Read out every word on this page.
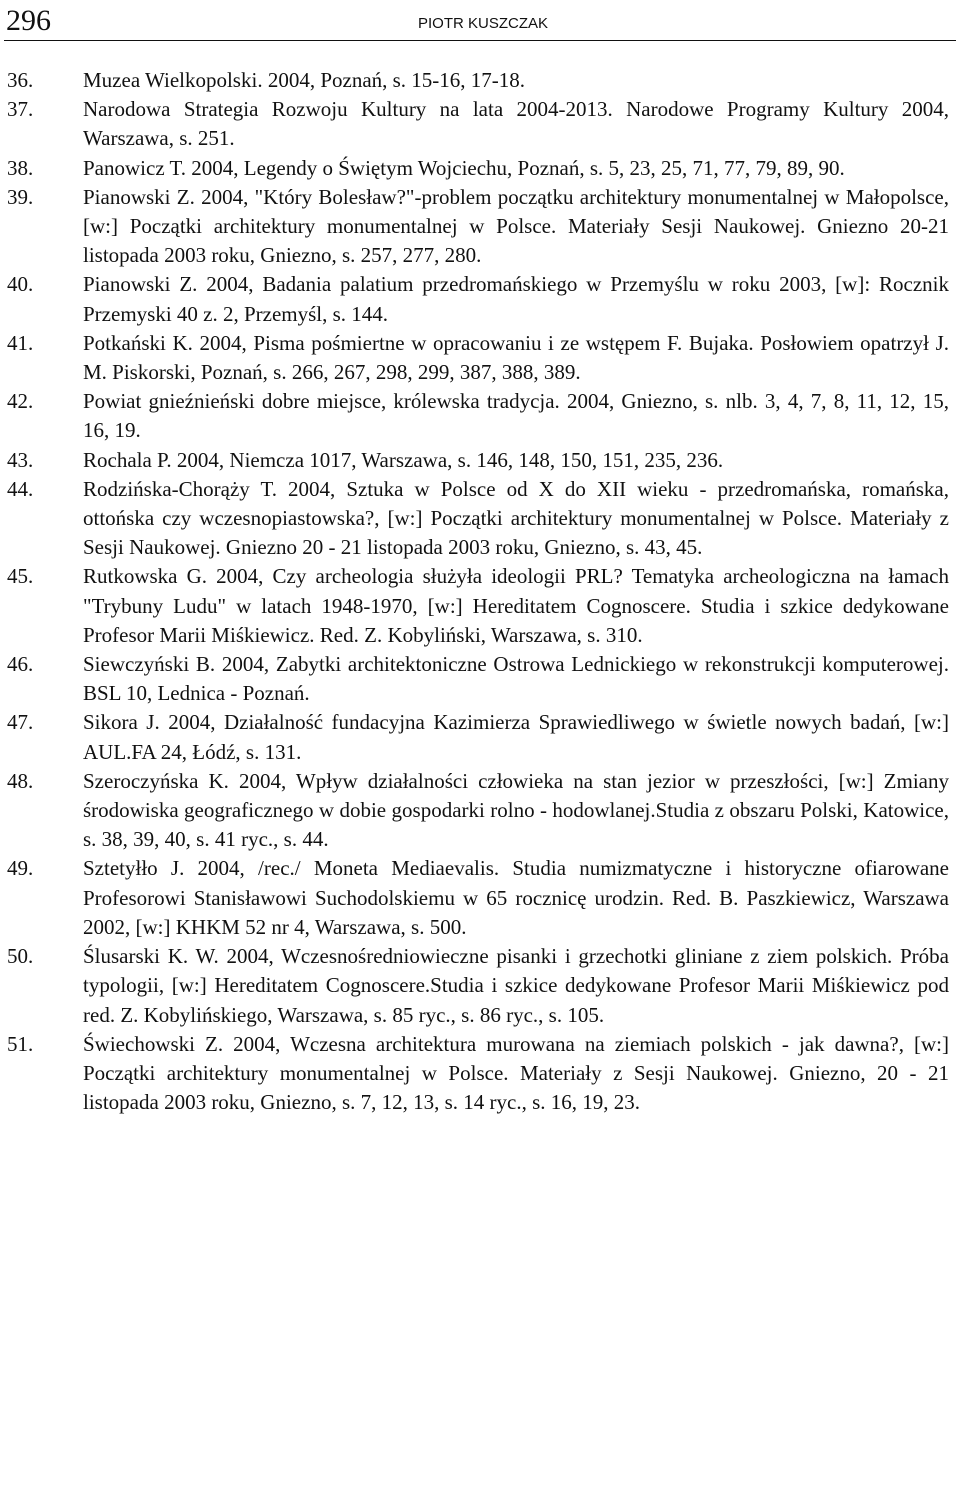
296	PIOTR KUSZCZAK
36.	Muzea Wielkopolski. 2004, Poznań, s. 15-16, 17-18.
37.	Narodowa Strategia Rozwoju Kultury na lata 2004-2013. Narodowe Programy Kultury 2004, Warszawa, s. 251.
38.	Panowicz T. 2004, Legendy o Świętym Wojciechu, Poznań, s. 5, 23, 25, 71, 77, 79, 89, 90.
39.	Pianowski Z. 2004, "Który Bolesław?"-problem początku architektury monumentalnej w Małopolsce, [w:] Początki architektury monumentalnej w Polsce. Materiały Sesji Naukowej. Gniezno 20-21 listopada 2003 roku, Gniezno, s. 257, 277, 280.
40.	Pianowski Z. 2004, Badania palatium przedromańskiego w Przemyślu w roku 2003, [w]: Rocznik Przemyski 40 z. 2, Przemyśl, s. 144.
41.	Potkański K. 2004, Pisma pośmiertne w opracowaniu i ze wstępem F. Bujaka. Posłowiem opatrzył J. M. Piskorski, Poznań, s. 266, 267, 298, 299, 387, 388, 389.
42.	Powiat gnieźnieński dobre miejsce, królewska tradycja. 2004, Gniezno, s. nlb. 3, 4, 7, 8, 11, 12, 15, 16, 19.
43.	Rochala P. 2004, Niemcza 1017, Warszawa, s. 146, 148, 150, 151, 235, 236.
44.	Rodzińska-Chorąży T. 2004, Sztuka w Polsce od X do XII wieku - przedromańska, romańska, ottońska czy wczesnopiastowska?, [w:] Początki architektury monumentalnej w Polsce. Materiały z Sesji Naukowej. Gniezno 20 - 21 listopada 2003 roku, Gniezno, s. 43, 45.
45.	Rutkowska G. 2004, Czy archeologia służyła ideologii PRL? Tematyka archeologiczna na łamach "Trybuny Ludu" w latach 1948-1970, [w:] Hereditatem Cognoscere. Studia i szkice dedykowane Profesor Marii Miśkiewicz. Red. Z. Kobyliński, Warszawa, s. 310.
46.	Siewczyński B. 2004, Zabytki architektoniczne Ostrowa Lednickiego w rekonstrukcji komputerowej. BSL 10, Lednica - Poznań.
47.	Sikora J. 2004, Działalność fundacyjna Kazimierza Sprawiedliwego w świetle nowych badań, [w:] AUL.FA 24, Łódź, s. 131.
48.	Szeroczyńska K. 2004, Wpływ działalności człowieka na stan jezior w przeszłości, [w:] Zmiany środowiska geograficznego w dobie gospodarki rolno - hodowlanej.Studia z obszaru Polski, Katowice, s. 38, 39, 40, s. 41 ryc., s. 44.
49.	Sztetyłło J. 2004, /rec./ Moneta Mediaevalis. Studia numizmatyczne i historyczne ofiarowane Profesorowi Stanisławowi Suchodolskiemu w 65 rocznicę urodzin. Red. B. Paszkiewicz, Warszawa 2002, [w:] KHKM 52 nr 4, Warszawa, s. 500.
50.	Ślusarski K. W. 2004, Wczesnośredniowieczne pisanki i grzechotki gliniane z ziem polskich. Próba typologii, [w:] Hereditatem Cognoscere.Studia i szkice dedykowane Profesor Marii Miśkiewicz pod red. Z. Kobylińskiego, Warszawa, s. 85 ryc., s. 86 ryc., s. 105.
51.	Świechowski Z. 2004, Wczesna architektura murowana na ziemiach polskich - jak dawna?, [w:] Początki architektury monumentalnej w Polsce. Materiały z Sesji Naukowej. Gniezno, 20 - 21 listopada 2003 roku, Gniezno, s. 7, 12, 13, s. 14 ryc., s. 16, 19, 23.
